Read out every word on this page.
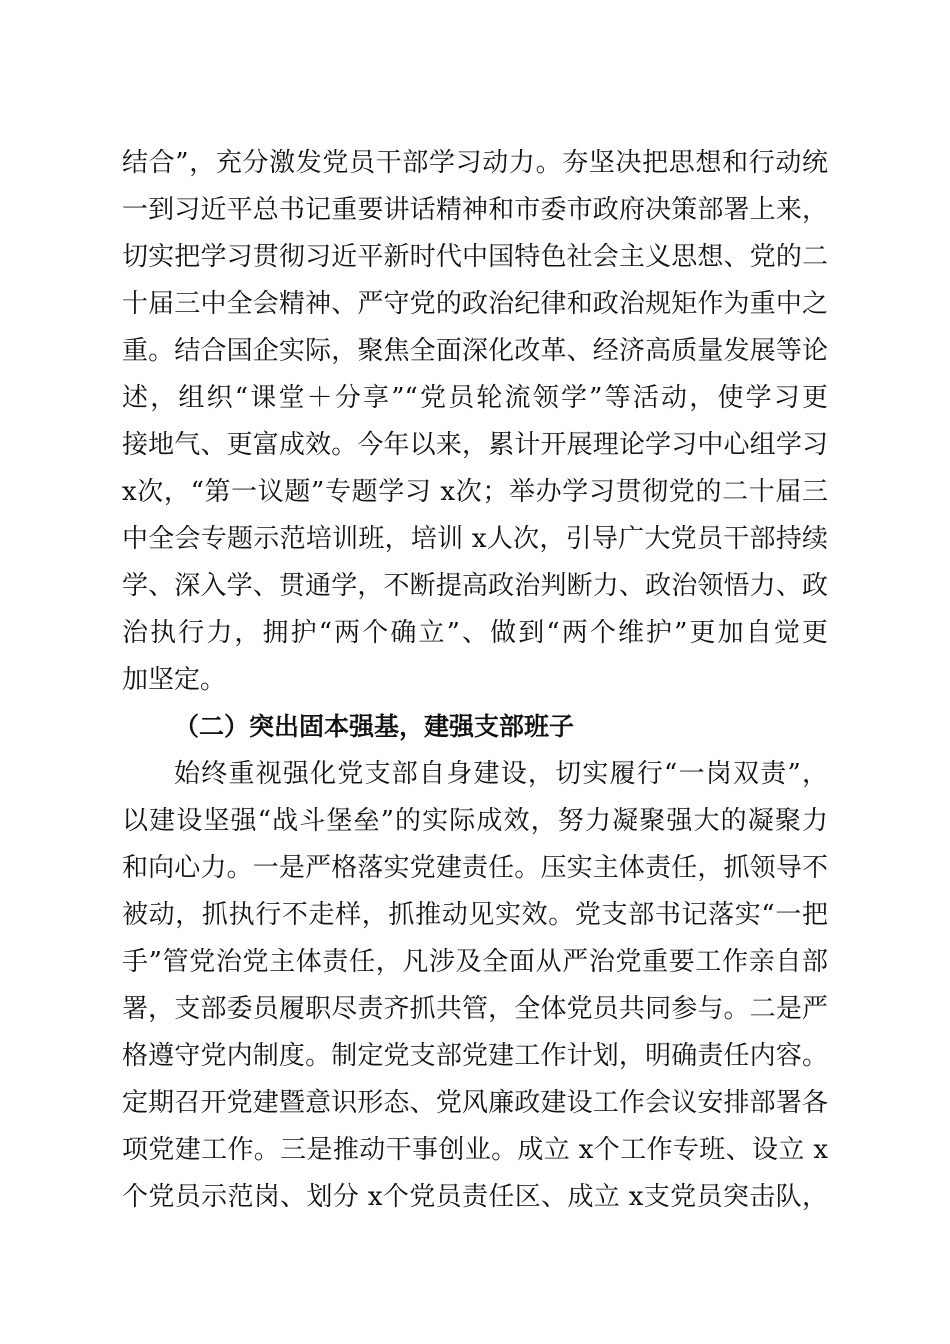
结合”，充分激发党员干部学习动力。夯坚决把思想和行动统
一到习近平总书记重要讲话精神和市委市政府决策部署上来，
切实把学习贯彻习近平新时代中国特色社会主义思想、党的二
十届三中全会精神、严守党的政治纪律和政治规矩作为重中之
重。结合国企实际，聚焦全面深化改革、经济高质量发展等论
述，组织“课堂＋分享”“党员轮流领学”等活动，使学习更
接地气、更富成效。今年以来，累计开展理论学习中心组学习
x次，“第一议题”专题学习 x次；举办学习贯彻党的二十届三
中全会专题示范培训班，培训 x人次，引导广大党员干部持续
学、深入学、贯通学，不断提高政治判断力、政治领悟力、政
治执行力，拥护“两个确立”、做到“两个维护”更加自觉更
加坚定。
（二）突出固本强基，建强支部班子
始终重视强化党支部自身建设，切实履行“一岗双责”，
以建设坚强“战斗堡垒”的实际成效，努力凝聚强大的凝聚力
和向心力。一是严格落实党建责任。压实主体责任，抓领导不
被动，抓执行不走样，抓推动见实效。党支部书记落实“一把
手”管党治党主体责任，凡涉及全面从严治党重要工作亲自部
署，支部委员履职尽责齐抓共管，全体党员共同参与。二是严
格遵守党内制度。制定党支部党建工作计划，明确责任内容。
定期召开党建暨意识形态、党风廉政建设工作会议安排部署各
项党建工作。三是推动干事创业。成立 x个工作专班、设立 x
个党员示范岗、划分 x个党员责任区、成立 x支党员突击队，
